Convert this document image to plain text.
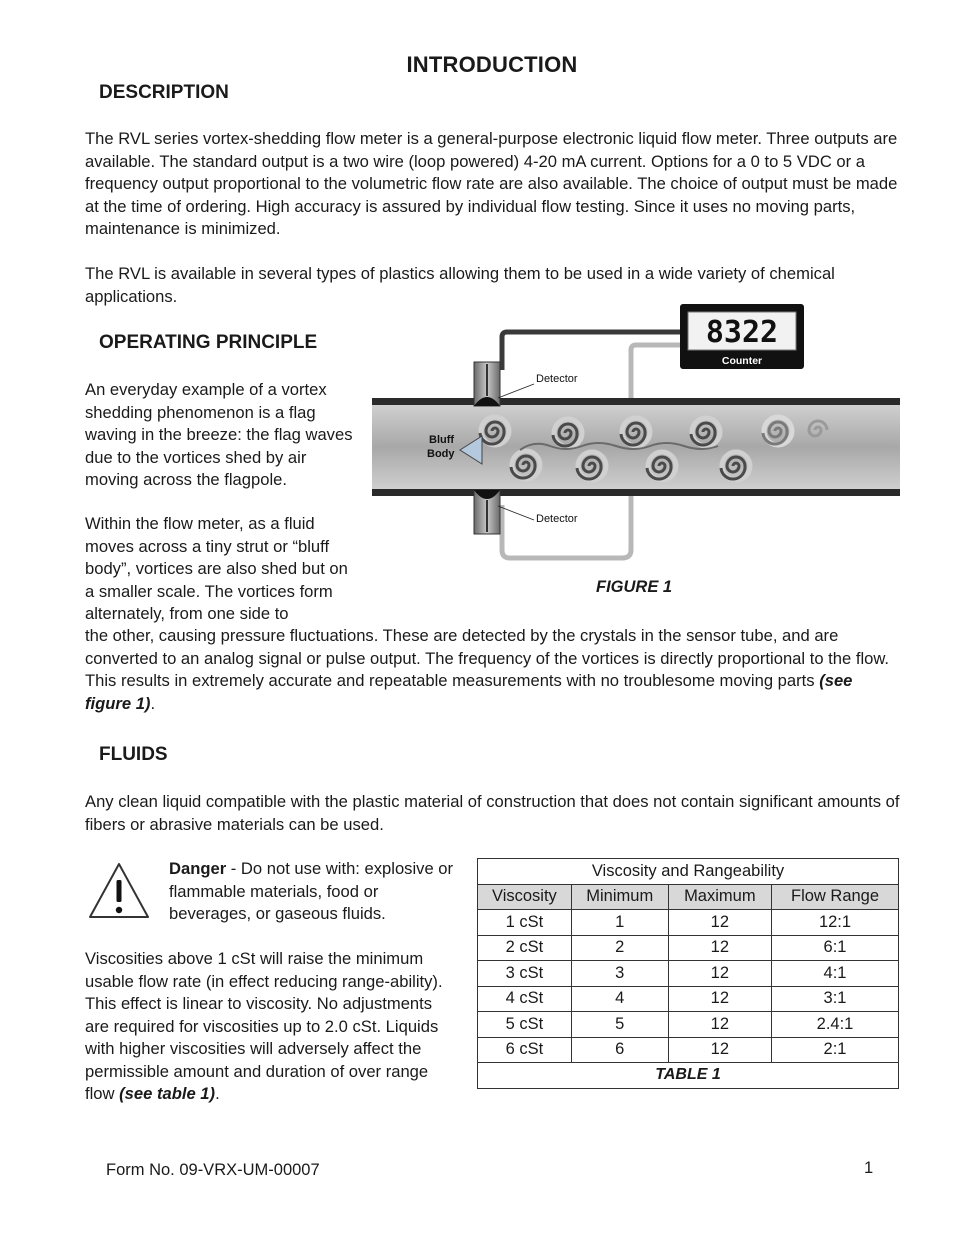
INTRODUCTION
DESCRIPTION

The RVL series vortex-shedding flow meter is a general-purpose electronic liquid flow meter. Three outputs are available. The standard output is a two wire (loop powered) 4-20 mA current. Options for a 0 to 5 VDC or a frequency output proportional to the volumetric flow rate are also available. The choice of output must be made at the time of ordering. High accuracy is assured by individual flow testing. Since it uses no moving parts, maintenance is minimized.

The RVL is available in several types of plastics allowing them to be used in a wide variety of chemical applications.

OPERATING PRINCIPLE

An everyday example of a vortex shedding phenomenon is a flag waving in the breeze: the flag waves due to the vortices shed by air moving across the flagpole.

Within the flow meter, as a fluid moves across a tiny strut or “bluff body”, vortices are also shed but on a smaller scale. The vortices form alternately, from one side to

the other, causing pressure fluctuations. These are detected by the crystals in the sensor tube, and are converted to an analog signal or pulse output. The frequency of the vortices is directly proportional to the flow. This results in extremely accurate and repeatable measurements with no troublesome moving parts (see figure 1).

8322
Counter
Detector
Detector
Bluff
Body
FIGURE 1
FLUIDS

Any clean liquid compatible with the plastic material of construction that does not contain significant amounts of fibers or abrasive materials can be used.

Danger - Do not use with: explosive or flammable materials, food or beverages, or gaseous fluids.

Viscosities above 1 cSt will raise the minimum usable flow rate (in effect reducing range-ability). This effect is linear to viscosity. No adjustments are required for viscosities up to 2.0 cSt. Liquids with higher viscosities will adversely affect the permissible amount and duration of over range flow (see table 1).

Viscosity and Rangeability			
Viscosity	Minimum	Maximum	Flow Range
1 cSt	1	12	12:1
2 cSt	2	12	6:1
3 cSt	3	12	4:1
4 cSt	4	12	3:1
5 cSt	5	12	2.4:1
6 cSt	6	12	2:1
TABLE 1			
Form No. 09-VRX-UM-00007	1
